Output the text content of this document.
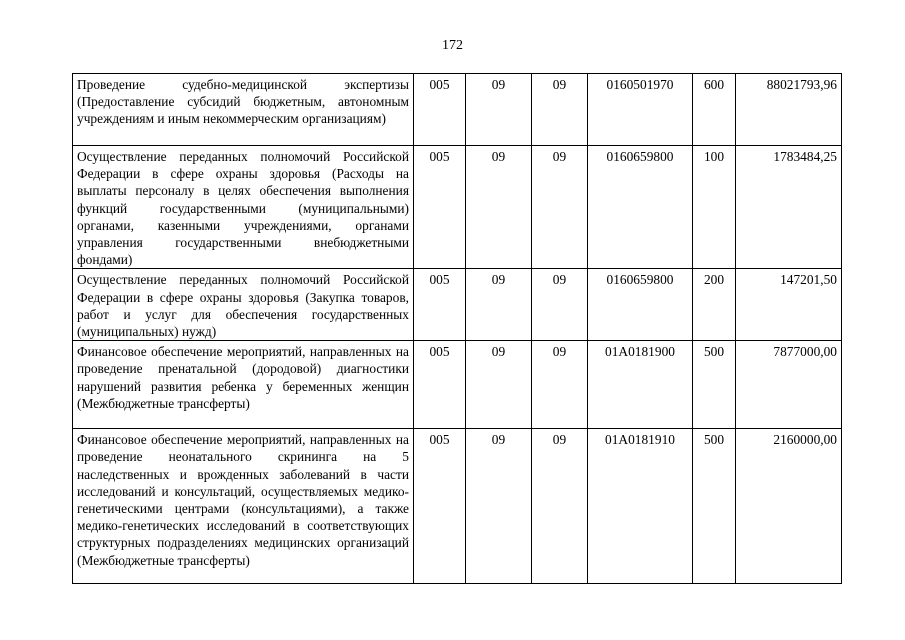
172
Проведение судебно-медицинской экспертизы (Предоставление субсидий бюджетным, автономным учреждениям и иным некоммерческим организациям)	005	09	09	0160501970	600	88021793,96
Осуществление переданных полномочий Российской Федерации в сфере охраны здоровья (Расходы на выплаты персоналу в целях обеспечения выполнения функций государственными (муниципальными) органами, казенными учреждениями, органами управления государственными внебюджетными фондами)	005	09	09	0160659800	100	1783484,25
Осуществление переданных полномочий Российской Федерации в сфере охраны здоровья (Закупка товаров, работ и услуг для обеспечения государственных (муниципальных) нужд)	005	09	09	0160659800	200	147201,50
Финансовое обеспечение мероприятий, направленных на проведение пренатальной (дородовой) диагностики нарушений развития ребенка у беременных женщин (Межбюджетные трансферты)	005	09	09	01А0181900	500	7877000,00
Финансовое обеспечение мероприятий, направленных на проведение неонатального скрининга на 5 наследственных и врожденных заболеваний в части исследований и консультаций, осуществляемых медико-генетическими центрами (консультациями), а также медико-генетических исследований в соответствующих структурных подразделениях медицинских организаций (Межбюджетные трансферты)	005	09	09	01А0181910	500	2160000,00
